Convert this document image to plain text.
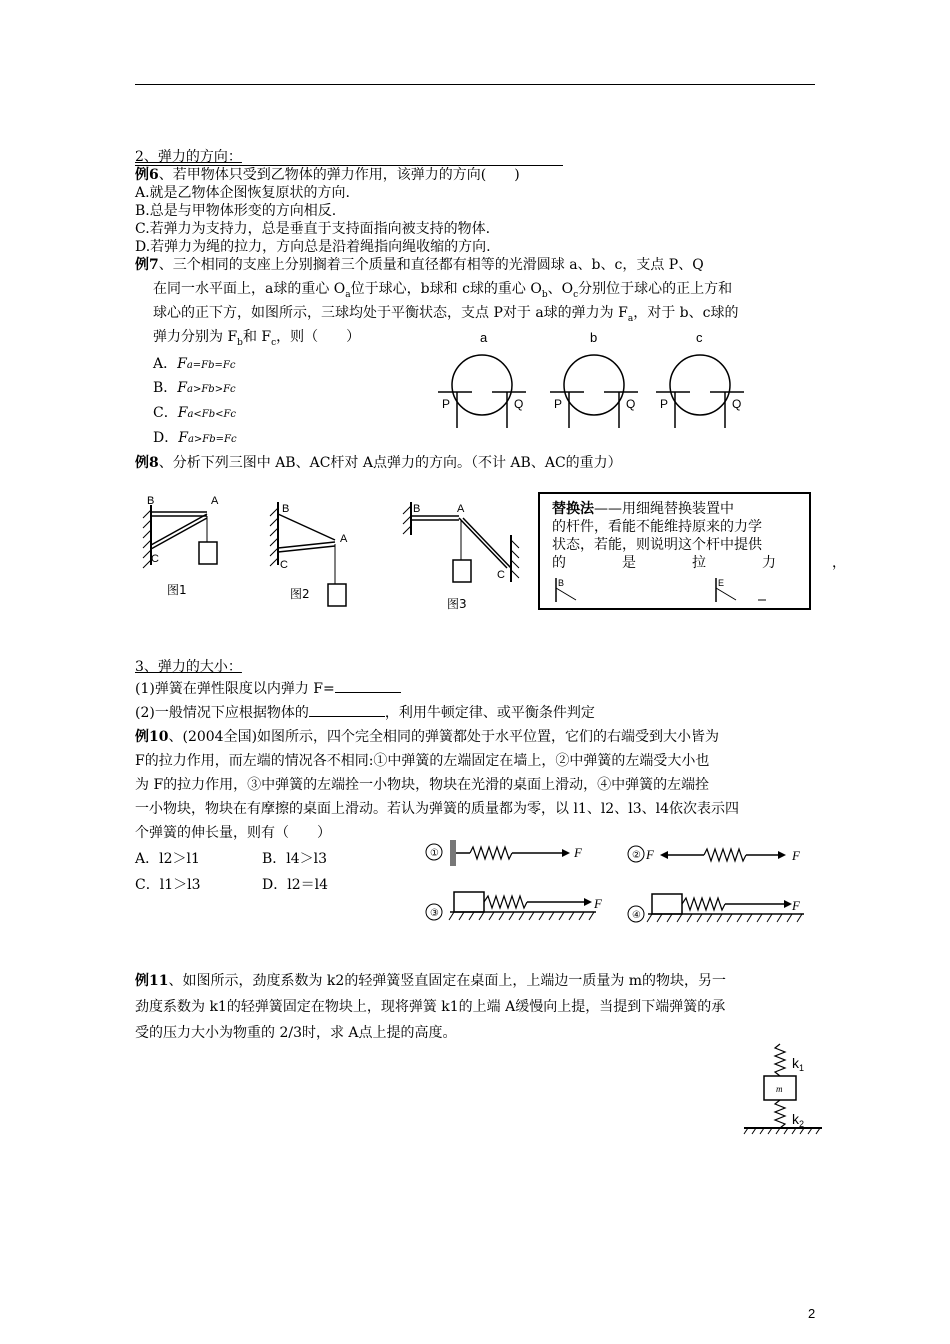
2、弹力的方向：
例6、若甲物体只受到乙物体的弹力作用，该弹力的方向(　　)
A.就是乙物体企图恢复原状的方向.
B.总是与甲物体形变的方向相反.
C.若弹力为支持力，总是垂直于支持面指向被支持的物体.
D.若弹力为绳的拉力，方向总是沿着绳指向绳收缩的方向.
例7、三个相同的支座上分别搁着三个质量和直径都有相等的光滑圆球 a、b、c，支点 P、Q
在同一水平面上，a球的重心 $O_a$位于球心，b球和 c球的重心 $O_b$、$O_c$分别位于球心的正上方和
球心的正下方，如图所示，三球均处于平衡状态，支点 P对于 a球的弹力为 $F_a$，对于 b、c球的
弹力分别为 $F_b$和 $F_c$，则（　　）
A．Fa=Fb=Fc
B．Fa>Fb>Fc
C．Fa<Fb<Fc
D．Fa>Fb=Fc
a
P	Q
b
P	Q
c
P	Q
例8、分析下列三图中 AB、AC杆对 A点弹力的方向。（不计 AB、AC的重力）
B	A
C
图1
B
A
C
图2
B	A
C
图3
替换法——用细绳替换装置中
的杆件，看能不能维持原来的力学
状态，若能，则说明这个杆中提供
的　　　　是　　　　拉　　　　力　　　　，
B	E
3、弹力的大小：
(1)弹簧在弹性限度以内弹力 F=
(2)一般情况下应根据物体的	，利用牛顿定律、或平衡条件判定
例10、(2004全国)如图所示，四个完全相同的弹簧都处于水平位置，它们的右端受到大小皆为
F的拉力作用，而左端的情况各不相同:①中弹簧的左端固定在墙上，②中弹簧的左端受大小也
为 F的拉力作用，③中弹簧的左端拴一小物块，物块在光滑的桌面上滑动，④中弹簧的左端拴
一小物块，物块在有摩擦的桌面上滑动。若认为弹簧的质量都为零，以 l1、l2、l3、l4依次表示四
个弹簧的伸长量，则有（　　）
A．l2＞l1	B．l4＞l3
C．l1＞l3	D．l2＝l4
①	F	② F	F
③
F
④
F
例11、如图所示，劲度系数为 k2的轻弹簧竖直固定在桌面上，上端边一质量为 m的物块，另一
劲度系数为 k1的轻弹簧固定在物块上，现将弹簧 k1的上端 A缓慢向上提，当提到下端弹簧的承
受的压力大小为物重的 2/3时，求 A点上提的高度。
$k_1$
m
$k_2$
2
